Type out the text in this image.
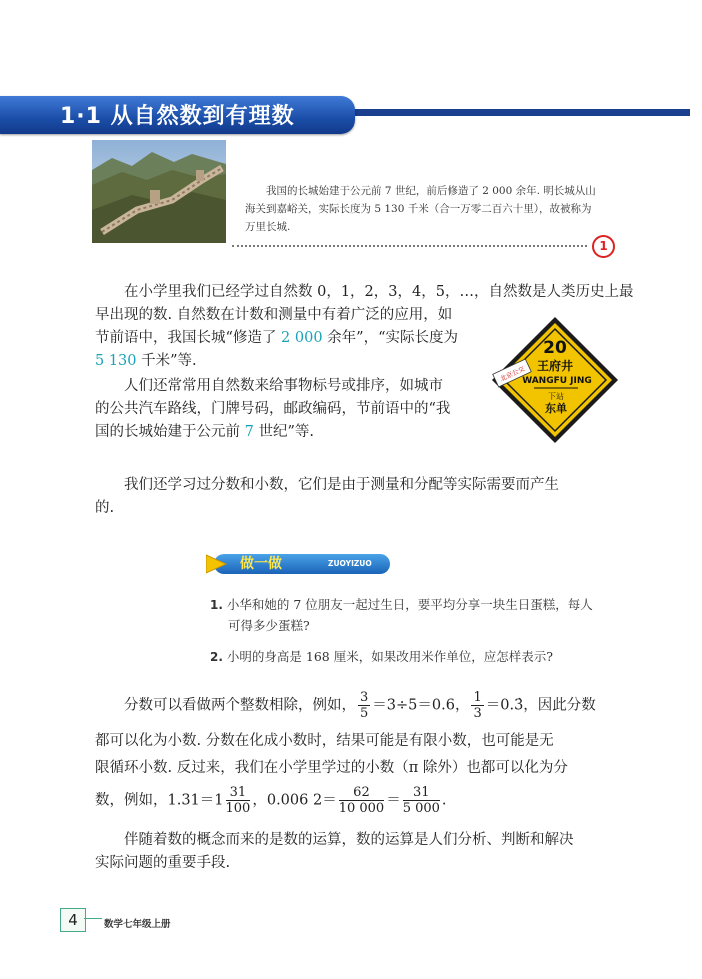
1·1 从自然数到有理数
我国的长城始建于公元前 7 世纪，前后修造了 2 000 余年. 明长城从山海关到嘉峪关，实际长度为 5 130 千米（合一万零二百六十里），故被称为万里长城.
1
在小学里我们已经学过自然数 0，1，2，3，4，5，…，自然数是人类历史上最
早出现的数. 自然数在计数和测量中有着广泛的应用，如
节前语中，我国长城“修造了 2 000 余年”，“实际长度为
5 130 千米”等.
人们还常常用自然数来给事物标号或排序，如城市
的公共汽车路线，门牌号码，邮政编码，节前语中的“我
国的长城始建于公元前 7 世纪”等.
20
王府井
WANGFU JING
下站
东单
北京公交
我们还学习过分数和小数，它们是由于测量和分配等实际需要而产生
的.
做一做	ZUOYIZUO
1. 小华和她的 7 位朋友一起过生日，要平均分享一块生日蛋糕，每人
可得多少蛋糕?
2. 小明的身高是 168 厘米，如果改用米作单位，应怎样表示?
分数可以看做两个整数相除，例如， $\frac{3}{5} =3\div 5=0.6$， $\frac{1}{3}$ ＝0.3̇，因此分数
都可以化为小数. 分数在化成小数时，结果可能是有限小数，也可能是无
限循环小数. 反过来，我们在小学里学过的小数（π 除外）也都可以化为分
数，例如，$1.31=1 \frac{31}{100}$ ，0.006 $2= \frac{62}{10 000} = \frac{31}{5 000}$ .
伴随着数的概念而来的是数的运算，数的运算是人们分析、判断和解决
实际问题的重要手段.
4	数学七年级上册
